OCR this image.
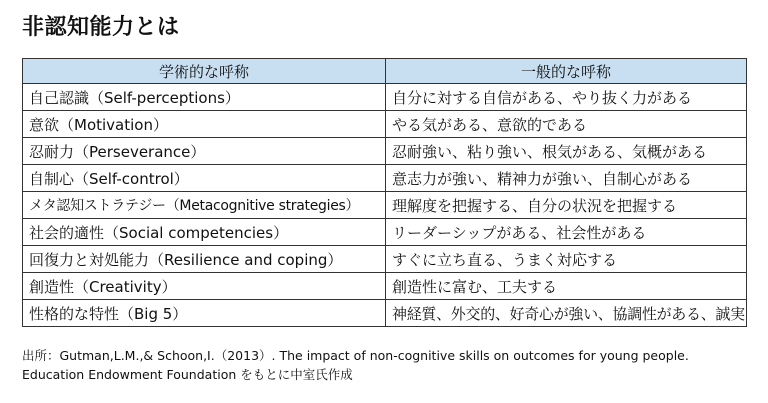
非認知能力とは
学術的な呼称	一般的な呼称
自己認識（Self-perceptions）	自分に対する自信がある、やり抜く力がある
意欲（Motivation）	やる気がある、意欲的である
忍耐力（Perseverance）	忍耐強い、粘り強い、根気がある、気概がある
自制心（Self-control）	意志力が強い、精神力が強い、自制心がある
メタ認知ストラテジー（Metacognitive strategies）	理解度を把握する、自分の状況を把握する
社会的適性（Social competencies）	リーダーシップがある、社会性がある
回復力と対処能力（Resilience and coping）	すぐに立ち直る、うまく対応する
創造性（Creativity）	創造性に富む、工夫する
性格的な特性（Big 5）	神経質、外交的、好奇心が強い、協調性がある、誠実

出所：Gutman,L.M.,& Schoon,I.（2013）. The impact of non-cognitive skills on outcomes for young people. Education Endowment Foundation をもとに中室氏作成
